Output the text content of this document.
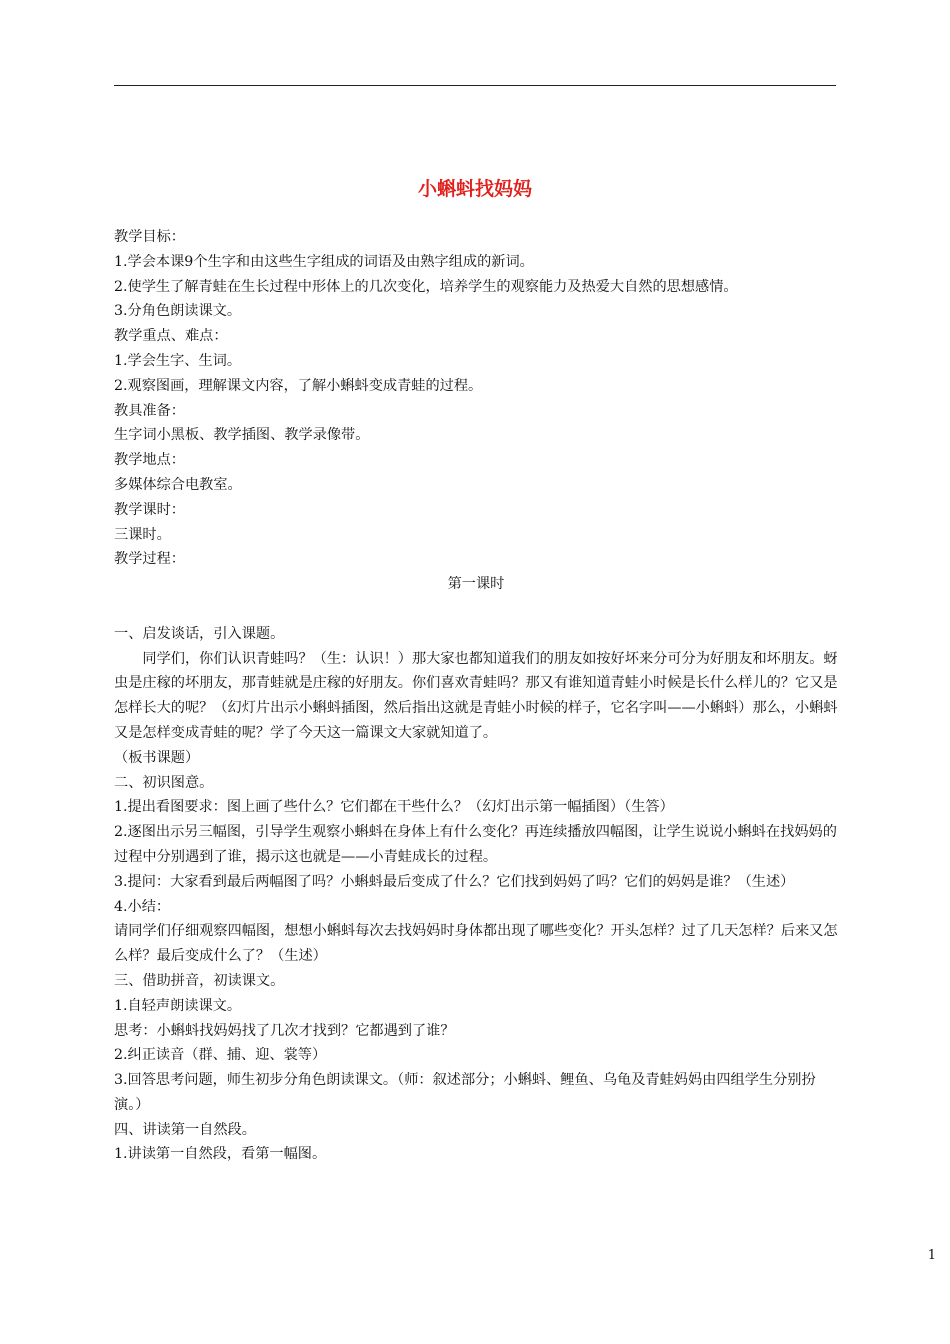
小蝌蚪找妈妈

教学目标：

1.学会本课9个生字和由这些生字组成的词语及由熟字组成的新词。

2.使学生了解青蛙在生长过程中形体上的几次变化，培养学生的观察能力及热爱大自然的思想感情。

3.分角色朗读课文。

教学重点、难点：

1.学会生字、生词。

2.观察图画，理解课文内容，了解小蝌蚪变成青蛙的过程。

教具准备：

生字词小黑板、教学插图、教学录像带。

教学地点：

多媒体综合电教室。

教学课时：

三课时。

教学过程：

第一课时

一、启发谈话，引入课题。

同学们，你们认识青蛙吗？（生：认识！）那大家也都知道我们的朋友如按好坏来分可分为好朋友和坏朋友。蚜虫是庄稼的坏朋友，那青蛙就是庄稼的好朋友。你们喜欢青蛙吗？那又有谁知道青蛙小时候是长什么样儿的？它又是怎样长大的呢？（幻灯片出示小蝌蚪插图，然后指出这就是青蛙小时候的样子，它名字叫——小蝌蚪）那么，小蝌蚪又是怎样变成青蛙的呢？学了今天这一篇课文大家就知道了。

（板书课题）

二、初识图意。

1.提出看图要求：图上画了些什么？它们都在干些什么？（幻灯出示第一幅插图）（生答）

2.逐图出示另三幅图，引导学生观察小蝌蚪在身体上有什么变化？再连续播放四幅图，让学生说说小蝌蚪在找妈妈的过程中分别遇到了谁，揭示这也就是——小青蛙成长的过程。

3.提问：大家看到最后两幅图了吗？小蝌蚪最后变成了什么？它们找到妈妈了吗？它们的妈妈是谁？（生述）

4.小结：

请同学们仔细观察四幅图，想想小蝌蚪每次去找妈妈时身体都出现了哪些变化？开头怎样？过了几天怎样？后来又怎么样？最后变成什么了？（生述）

三、借助拼音，初读课文。

1.自轻声朗读课文。

思考：小蝌蚪找妈妈找了几次才找到？它都遇到了谁？

2.纠正读音（群、捕、迎、裳等）

3.回答思考问题，师生初步分角色朗读课文。（师：叙述部分；小蝌蚪、鲤鱼、乌龟及青蛙妈妈由四组学生分别扮演。）

四、讲读第一自然段。

1.讲读第一自然段，看第一幅图。

1
